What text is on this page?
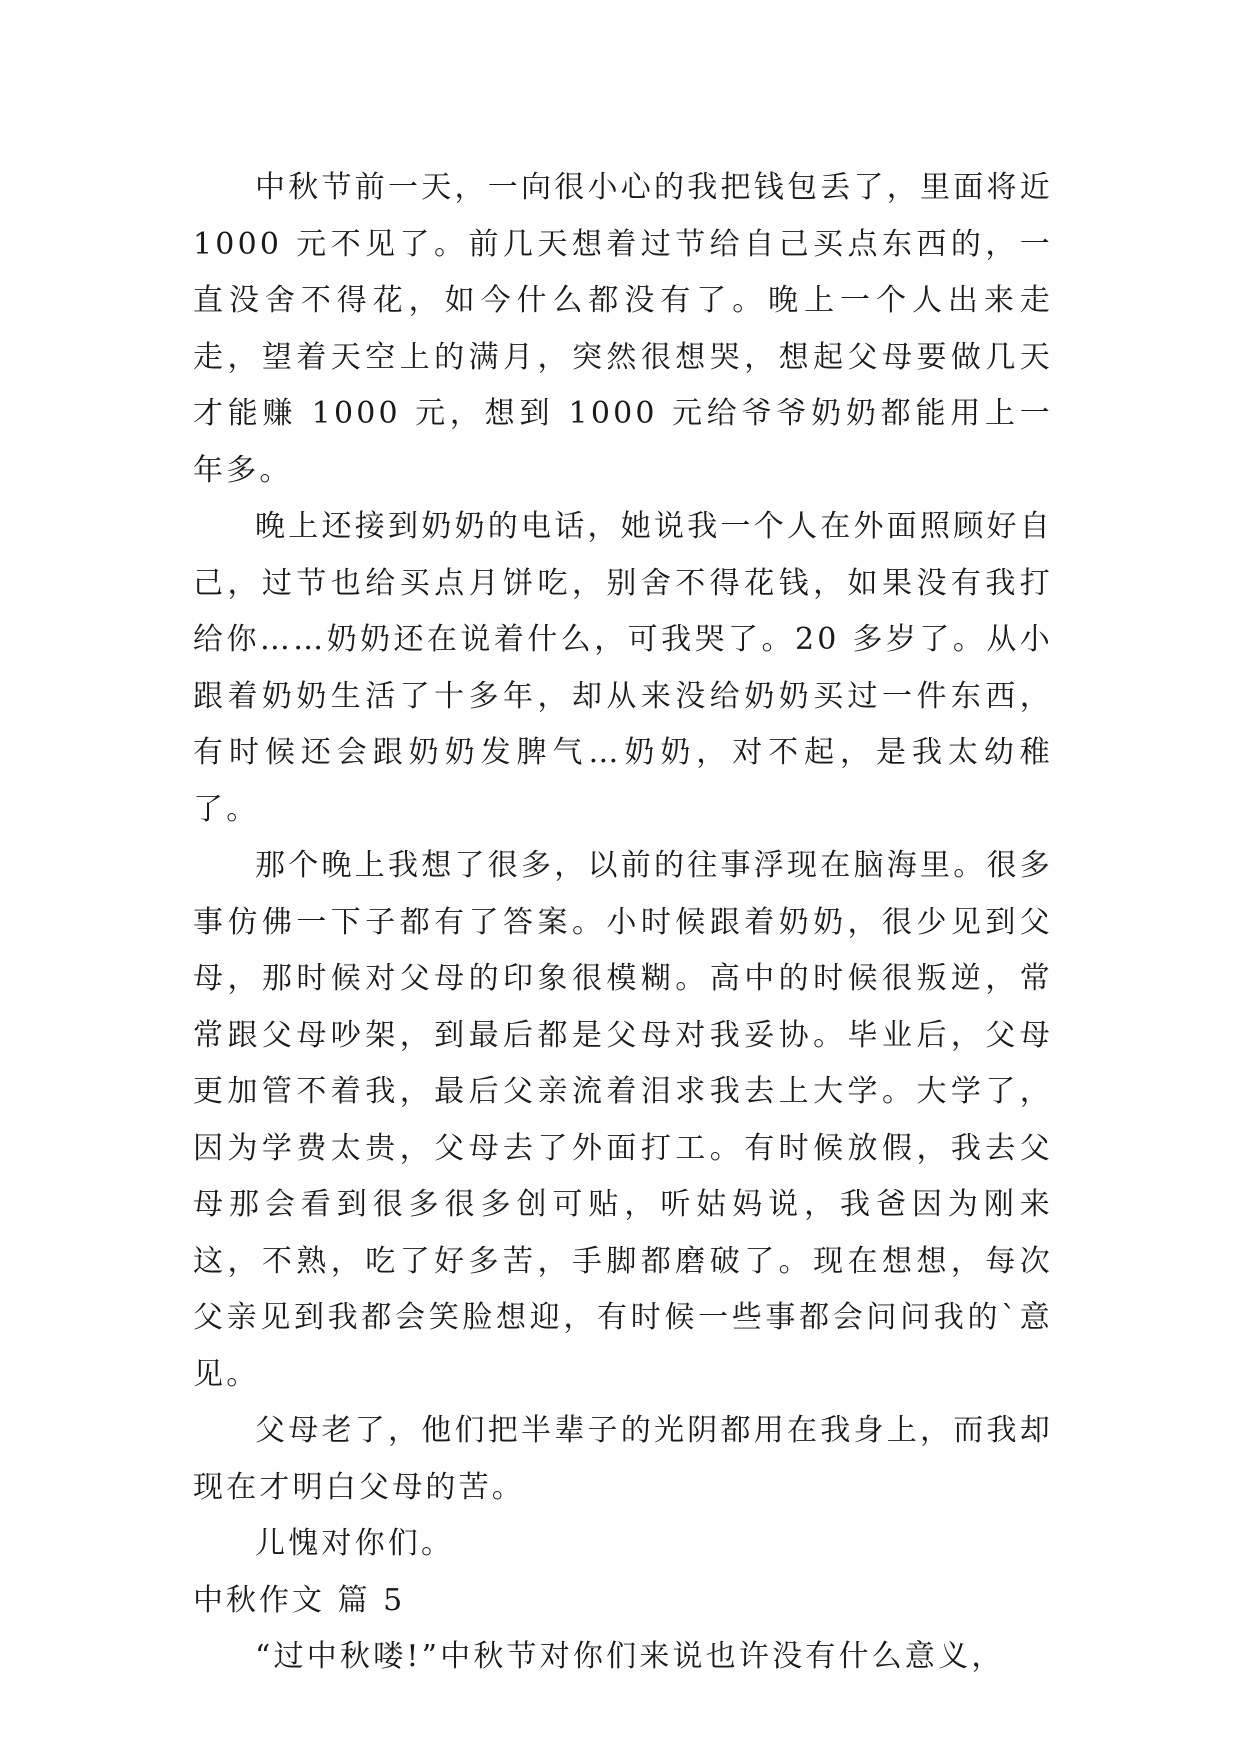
中秋节前一天，一向很小心的我把钱包丢了，里面将近 1000 元不见了。前几天想着过节给自己买点东西的，一直没舍不得花，如今什么都没有了。晚上一个人出来走走，望着天空上的满月，突然很想哭，想起父母要做几天才能赚 1000 元，想到 1000 元给爷爷奶奶都能用上一年多。

晚上还接到奶奶的电话，她说我一个人在外面照顾好自己，过节也给买点月饼吃，别舍不得花钱，如果没有我打给你……奶奶还在说着什么，可我哭了。20 多岁了。从小跟着奶奶生活了十多年，却从来没给奶奶买过一件东西，有时候还会跟奶奶发脾气…奶奶，对不起，是我太幼稚了。

那个晚上我想了很多，以前的往事浮现在脑海里。很多事仿佛一下子都有了答案。小时候跟着奶奶，很少见到父母，那时候对父母的印象很模糊。高中的时候很叛逆，常常跟父母吵架，到最后都是父母对我妥协。毕业后，父母更加管不着我，最后父亲流着泪求我去上大学。大学了，因为学费太贵，父母去了外面打工。有时候放假，我去父母那会看到很多很多创可贴，听姑妈说，我爸因为刚来这，不熟，吃了好多苦，手脚都磨破了。现在想想，每次父亲见到我都会笑脸想迎，有时候一些事都会问问我的`意见。

父母老了，他们把半辈子的光阴都用在我身上，而我却现在才明白父母的苦。

儿愧对你们。

中秋作文 篇 5

“过中秋喽!”中秋节对你们来说也许没有什么意义，
